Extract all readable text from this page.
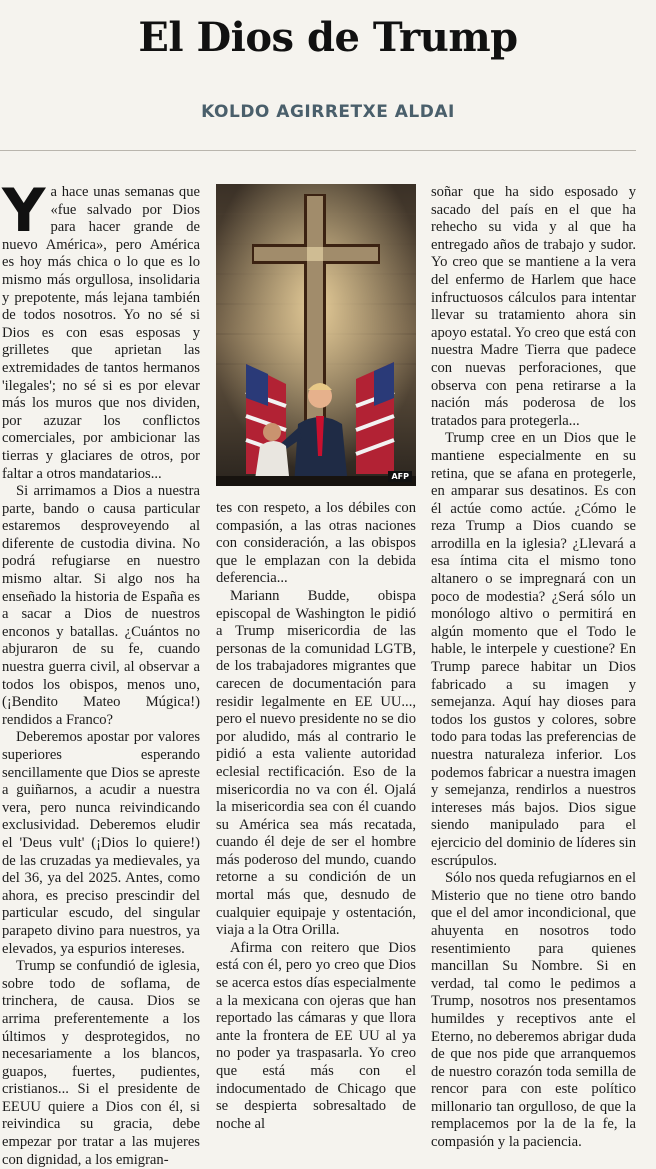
El Dios de Trump
KOLDO AGIRRETXE ALDAI

Ya hace unas semanas que «fue salvado por Dios para hacer grande de nuevo América», pero América es hoy más chica o lo que es lo mismo más orgullosa, insolidaria y prepotente, más lejana también de todos nosotros. Yo no sé si Dios es con esas esposas y grilletes que aprietan las extremidades de tantos hermanos 'ilegales'; no sé si es por elevar más los muros que nos dividen, por azuzar los conflictos comerciales, por ambicionar las tierras y glaciares de otros, por faltar a otros mandatarios...

Si arrimamos a Dios a nuestra parte, bando o causa particular estaremos desproveyendo al diferente de custodia divina. No podrá refugiarse en nuestro mismo altar. Si algo nos ha enseñado la historia de España es a sacar a Dios de nuestros enconos y batallas. ¿Cuántos no abjuraron de su fe, cuando nuestra guerra civil, al observar a todos los obispos, menos uno, (¡Bendito Mateo Múgica!) rendidos a Franco?

Deberemos apostar por valores superiores esperando sencillamente que Dios se apreste a guiñarnos, a acudir a nuestra vera, pero nunca reivindicando exclusividad. Deberemos eludir el 'Deus vult' (¡Dios lo quiere!) de las cruzadas ya medievales, ya del 36, ya del 2025. Antes, como ahora, es preciso prescindir del particular escudo, del singular parapeto divino para nuestros, ya elevados, ya espurios intereses.

Trump se confundió de iglesia, sobre todo de soflama, de trinchera, de causa. Dios se arrima preferentemente a los últimos y desprotegidos, no necesariamente a los blancos, guapos, fuertes, pudientes, cristianos... Si el presidente de EEUU quiere a Dios con él, si reivindica su gracia, debe empezar por tratar a las mujeres con dignidad, a los emigran-

AFP

tes con respeto, a los débiles con compasión, a las otras naciones con consideración, a las obispos que le emplazan con la debida deferencia...

Mariann Budde, obispa episcopal de Washington le pidió a Trump misericordia de las personas de la comunidad LGTB, de los trabajadores migrantes que carecen de documentación para residir legalmente en EE UU..., pero el nuevo presidente no se dio por aludido, más al contrario le pidió a esta valiente autoridad eclesial rectificación. Eso de la misericordia no va con él. Ojalá la misericordia sea con él cuando su América sea más recatada, cuando él deje de ser el hombre más poderoso del mundo, cuando retorne a su condición de un mortal más que, desnudo de cualquier equipaje y ostentación, viaja a la Otra Orilla.

Afirma con reitero que Dios está con él, pero yo creo que Dios se acerca estos días especialmente a la mexicana con ojeras que han reportado las cámaras y que llora ante la frontera de EE UU al ya no poder ya traspasarla. Yo creo que está más con el indocumentado de Chicago que se despierta sobresaltado de noche al

soñar que ha sido esposado y sacado del país en el que ha rehecho su vida y al que ha entregado años de trabajo y sudor. Yo creo que se mantiene a la vera del enfermo de Harlem que hace infructuosos cálculos para intentar llevar su tratamiento ahora sin apoyo estatal. Yo creo que está con nuestra Madre Tierra que padece con nuevas perforaciones, que observa con pena retirarse a la nación más poderosa de los tratados para protegerla...

Trump cree en un Dios que le mantiene especialmente en su retina, que se afana en protegerle, en amparar sus desatinos. Es con él actúe como actúe. ¿Cómo le reza Trump a Dios cuando se arrodilla en la iglesia? ¿Llevará a esa íntima cita el mismo tono altanero o se impregnará con un poco de modestia? ¿Será sólo un monólogo altivo o permitirá en algún momento que el Todo le hable, le interpele y cuestione? En Trump parece habitar un Dios fabricado a su imagen y semejanza. Aquí hay dioses para todos los gustos y colores, sobre todo para todas las preferencias de nuestra naturaleza inferior. Los podemos fabricar a nuestra imagen y semejanza, rendirlos a nuestros intereses más bajos. Dios sigue siendo manipulado para el ejercicio del dominio de líderes sin escrúpulos.

Sólo nos queda refugiarnos en el Misterio que no tiene otro bando que el del amor incondicional, que ahuyenta en nosotros todo resentimiento para quienes mancillan Su Nombre. Si en verdad, tal como le pedimos a Trump, nosotros nos presentamos humildes y receptivos ante el Eterno, no deberemos abrigar duda de que nos pide que arranquemos de nuestro corazón toda semilla de rencor para con este político millonario tan orgulloso, de que la remplacemos por la de la fe, la compasión y la paciencia.
